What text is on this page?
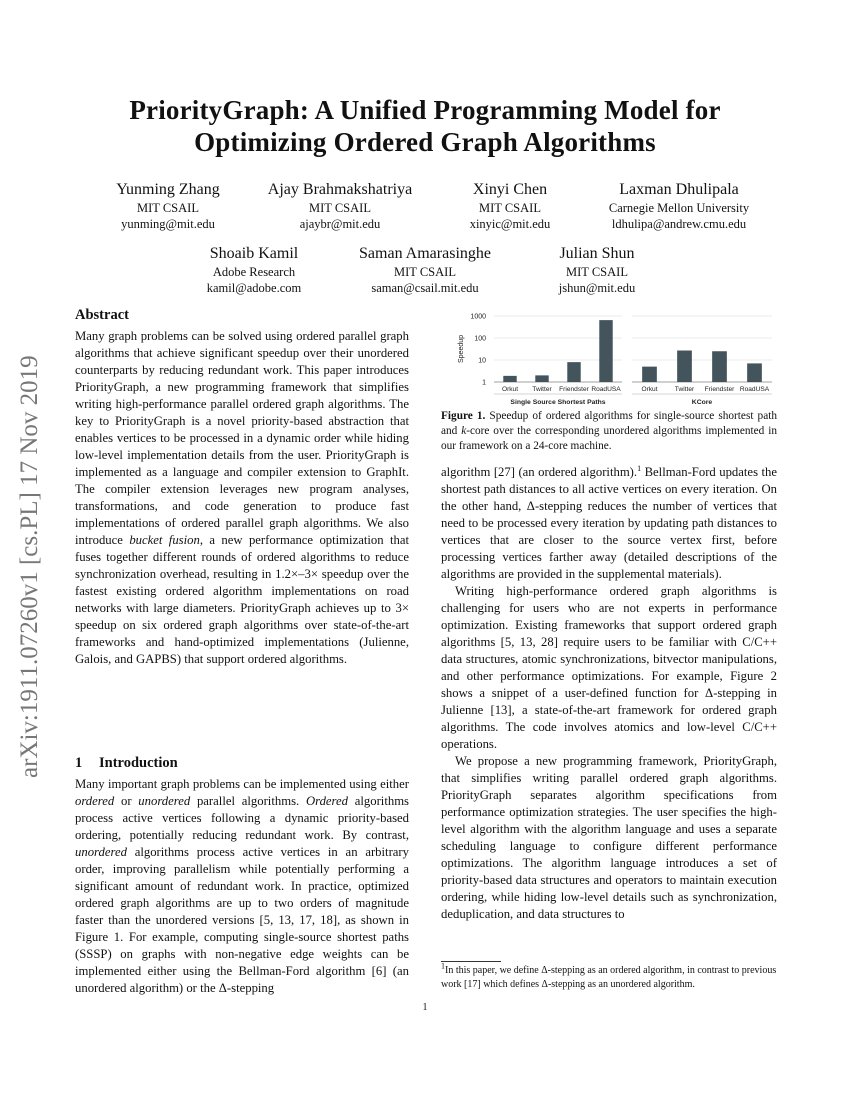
arXiv:1911.07260v1 [cs.PL] 17 Nov 2019
PriorityGraph: A Unified Programming Model for
Optimizing Ordered Graph Algorithms
Yunming Zhang
MIT CSAIL
yunming@mit.edu
Ajay Brahmakshatriya
MIT CSAIL
ajaybr@mit.edu
Xinyi Chen
MIT CSAIL
xinyic@mit.edu
Laxman Dhulipala
Carnegie Mellon University
ldhulipa@andrew.cmu.edu
Shoaib Kamil
Adobe Research
kamil@adobe.com
Saman Amarasinghe
MIT CSAIL
saman@csail.mit.edu
Julian Shun
MIT CSAIL
jshun@mit.edu

Abstract

Many graph problems can be solved using ordered parallel graph algorithms that achieve significant speedup over their unordered counterparts by reducing redundant work. This paper introduces PriorityGraph, a new programming framework that simplifies writing high-performance parallel ordered graph algorithms. The key to PriorityGraph is a novel priority-based abstraction that enables vertices to be processed in a dynamic order while hiding low-level implementation details from the user. PriorityGraph is implemented as a language and compiler extension to GraphIt. The compiler extension leverages new program analyses, transformations, and code generation to produce fast implementations of ordered parallel graph algorithms. We also introduce bucket fusion, a new performance optimization that fuses together different rounds of ordered algorithms to reduce synchronization overhead, resulting in 1.2×–3× speedup over the fastest existing ordered algorithm implementations on road networks with large diameters. PriorityGraph achieves up to 3× speedup on six ordered graph algorithms over state-of-the-art frameworks and hand-optimized implementations (Julienne, Galois, and GAPBS) that support ordered algorithms.

1 Introduction

Many important graph problems can be implemented using either ordered or unordered parallel algorithms. Ordered algorithms process active vertices following a dynamic priority-based ordering, potentially reducing redundant work. By contrast, unordered algorithms process active vertices in an arbitrary order, improving parallelism while potentially performing a significant amount of redundant work. In practice, optimized ordered graph algorithms are up to two orders of magnitude faster than the unordered versions [5, 13, 17, 18], as shown in Figure 1. For example, computing single-source shortest paths (SSSP) on graphs with non-negative edge weights can be implemented either using the Bellman-Ford algorithm [6] (an unordered algorithm) or the Δ-stepping

Speedup
1
10
100
1000
Orkut Twitter Friendster RoadUSA
Single Source Shortest Paths
Orkut	Twitter Friendster RoadUSA
KCore
Figure 1. Speedup of ordered algorithms for single-source shortest path and k-core over the corresponding unordered algorithms implemented in our framework on a 24-core machine.

algorithm [27] (an ordered algorithm).$^1$ Bellman-Ford updates the shortest path distances to all active vertices on every iteration. On the other hand, Δ-stepping reduces the number of vertices that need to be processed every iteration by updating path distances to vertices that are closer to the source vertex first, before processing vertices farther away (detailed descriptions of the algorithms are provided in the supplemental materials).

Writing high-performance ordered graph algorithms is challenging for users who are not experts in performance optimization. Existing frameworks that support ordered graph algorithms [5, 13, 28] require users to be familiar with C/C++ data structures, atomic synchronizations, bitvector manipulations, and other performance optimizations. For example, Figure 2 shows a snippet of a user-defined function for Δ-stepping in Julienne [13], a state-of-the-art framework for ordered graph algorithms. The code involves atomics and low-level C/C++ operations.

We propose a new programming framework, PriorityGraph, that simplifies writing parallel ordered graph algorithms. PriorityGraph separates algorithm specifications from performance optimization strategies. The user specifies the high-level algorithm with the algorithm language and uses a separate scheduling language to configure different performance optimizations. The algorithm language introduces a set of priority-based data structures and operators to maintain execution ordering, while hiding low-level details such as synchronization, deduplication, and data structures to

$^1$In this paper, we define Δ-stepping as an ordered algorithm, in contrast to previous work [17] which defines Δ-stepping as an unordered algorithm.
1
